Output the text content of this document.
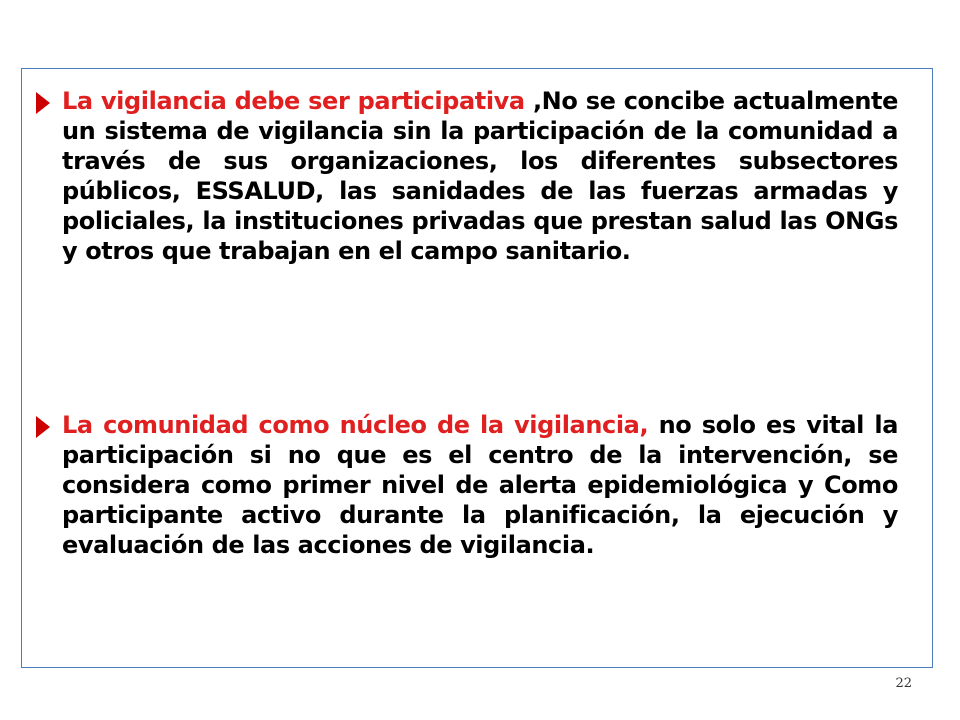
La vigilancia debe ser participativa ,No se concibe actualmente un sistema de vigilancia sin la participación de la comunidad a través de sus organizaciones, los diferentes subsectores públicos, ESSALUD, las sanidades de las fuerzas armadas y policiales, la instituciones privadas que prestan salud las ONGs y otros que trabajan en el campo sanitario.
La comunidad como núcleo de la vigilancia, no solo es vital la participación si no que es el centro de la intervención, se considera como primer nivel de alerta epidemiológica y Como participante activo durante la planificación, la ejecución y evaluación de las acciones de vigilancia.
22
